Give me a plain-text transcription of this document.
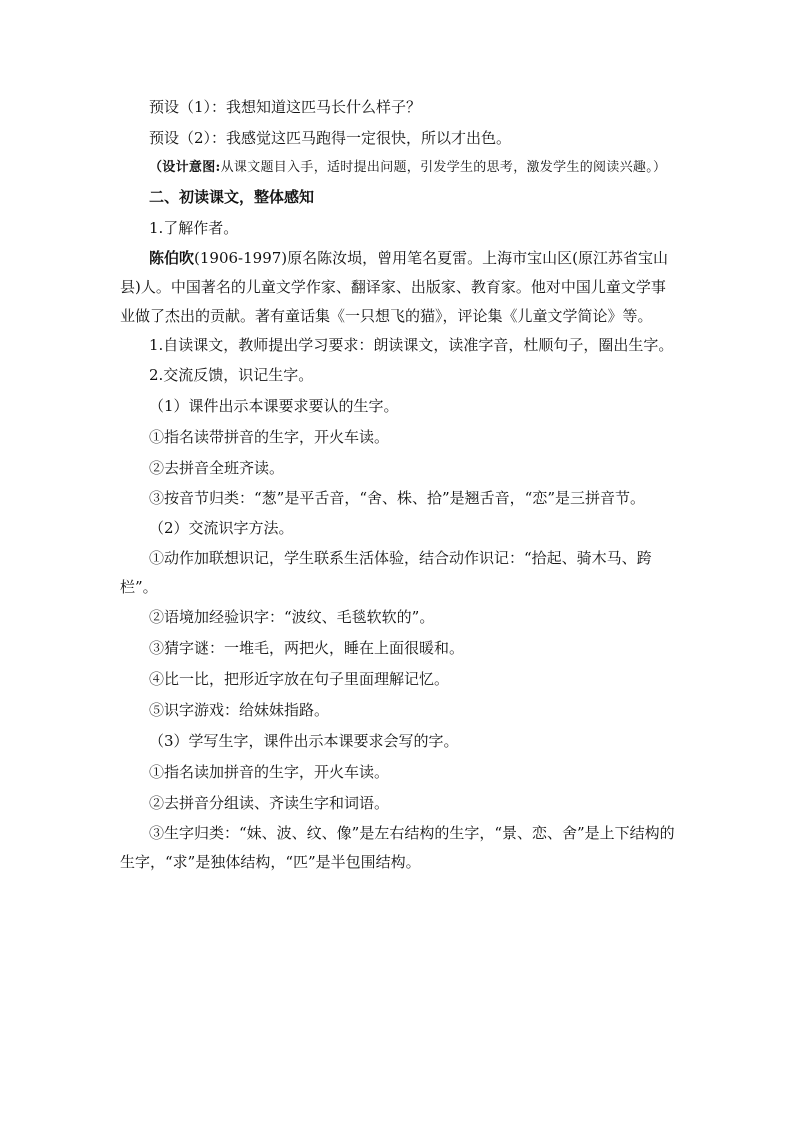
预设（1）：我想知道这匹马长什么样子？

预设（2）：我感觉这匹马跑得一定很快，所以才出色。

（设计意图:从课文题目入手，适时提出问题，引发学生的思考，激发学生的阅读兴趣。）

二、初读课文，整体感知

1.了解作者。

陈伯吹(1906-1997)原名陈汝埙，曾用笔名夏雷。上海市宝山区(原江苏省宝山县)人。中国著名的儿童文学作家、翻译家、出版家、教育家。他对中国儿童文学事业做了杰出的贡献。著有童话集《一只想飞的猫》，评论集《儿童文学简论》等。

1.自读课文，教师提出学习要求：朗读课文，读准字音，杜顺句子，圈出生字。

2.交流反馈，识记生字。

（1）课件出示本课要求要认的生字。

①指名读带拼音的生字，开火车读。

②去拼音全班齐读。

③按音节归类：“葱”是平舌音，“舍、株、拾”是翘舌音，“恋”是三拼音节。

（2）交流识字方法。

①动作加联想识记，学生联系生活体验，结合动作识记：“拾起、骑木马、跨栏”。

②语境加经验识字：“波纹、毛毯软软的”。

③猜字谜：一堆毛，两把火，睡在上面很暖和。

④比一比，把形近字放在句子里面理解记忆。

⑤识字游戏：给妹妹指路。

（3）学写生字，课件出示本课要求会写的字。

①指名读加拼音的生字，开火车读。

②去拼音分组读、齐读生字和词语。

③生字归类：“妹、波、纹、像”是左右结构的生字，“景、恋、舍”是上下结构的生字，“求”是独体结构，“匹”是半包围结构。
